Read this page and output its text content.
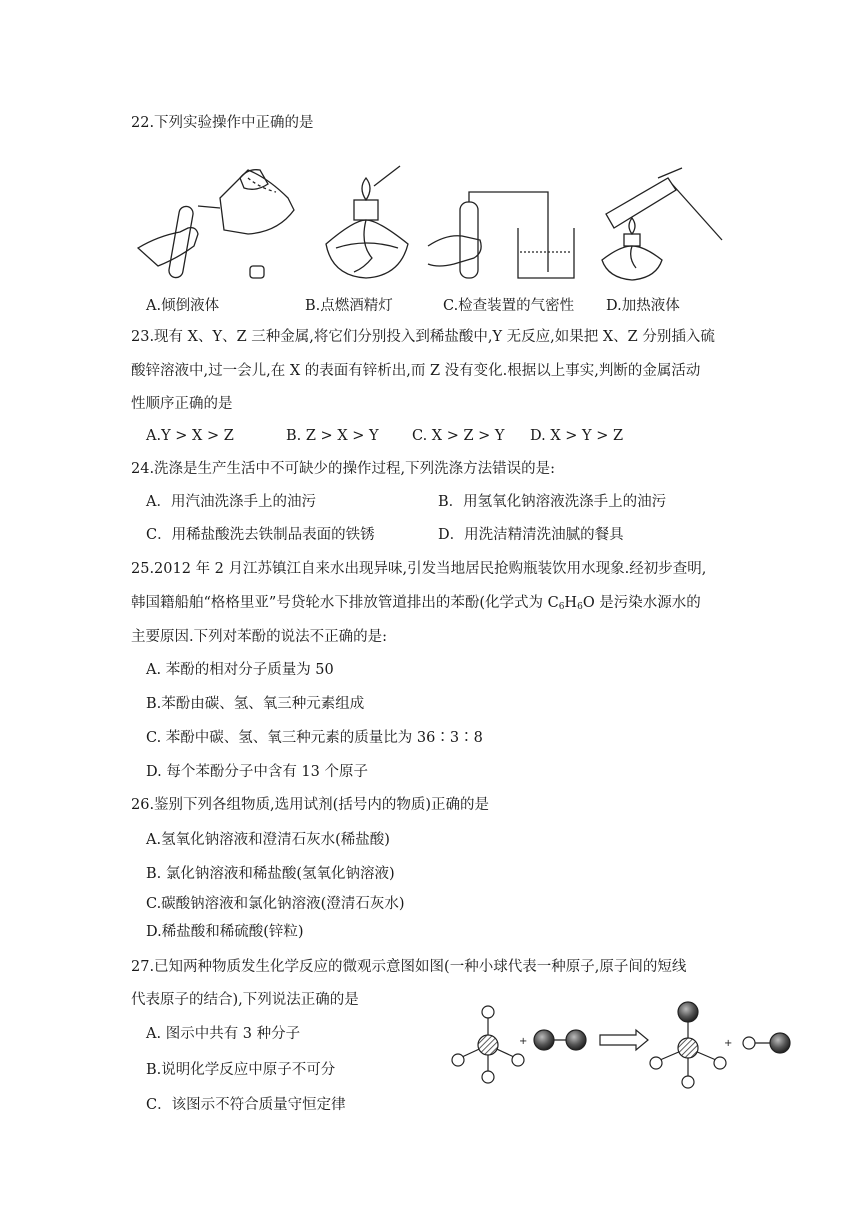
22.下列实验操作中正确的是
A.倾倒液体	B.点燃酒精灯	C.检查装置的气密性 D.加热液体
23.现有 X、Y、Z 三种金属,将它们分别投入到稀盐酸中,Y 无反应,如果把 X、Z 分别插入硫
酸锌溶液中,过一会儿,在 X 的表面有锌析出,而 Z 没有变化.根据以上事实,判断的金属活动
性顺序正确的是
A.Y > X > Z	B. Z > X > Y C. X > Z > Y D. X > Y > Z
24.洗涤是生产生活中不可缺少的操作过程,下列洗涤方法错误的是:
A．用汽油洗涤手上的油污	B．用氢氧化钠溶液洗涤手上的油污
C．用稀盐酸洗去铁制品表面的铁锈	D．用洗洁精清洗油腻的餐具
25.2012 年 2 月江苏镇江自来水出现异味,引发当地居民抢购瓶装饮用水现象.经初步查明,
韩国籍船舶“格格里亚”号贷轮水下排放管道排出的苯酚(化学式为 $C_6H_6O$ 是污染水源水的
主要原因.下列对苯酚的说法不正确的是:
A. 苯酚的相对分子质量为 50
B.苯酚由碳、氢、氧三种元素组成
C. 苯酚中碳、氢、氧三种元素的质量比为 36∶3∶8
D. 每个苯酚分子中含有 13 个原子
26.鉴别下列各组物质,选用试剂(括号内的物质)正确的是
A.氢氧化钠溶液和澄清石灰水(稀盐酸)
B. 氯化钠溶液和稀盐酸(氢氧化钠溶液)
C.碳酸钠溶液和氯化钠溶液(澄清石灰水)
D.稀盐酸和稀硫酸(锌粒)
27.已知两种物质发生化学反应的微观示意图如图(一种小球代表一种原子,原子间的短线
代表原子的结合),下列说法正确的是
A. 图示中共有 3 种分子
B.说明化学反应中原子不可分
C．该图示不符合质量守恒定律
+	+
